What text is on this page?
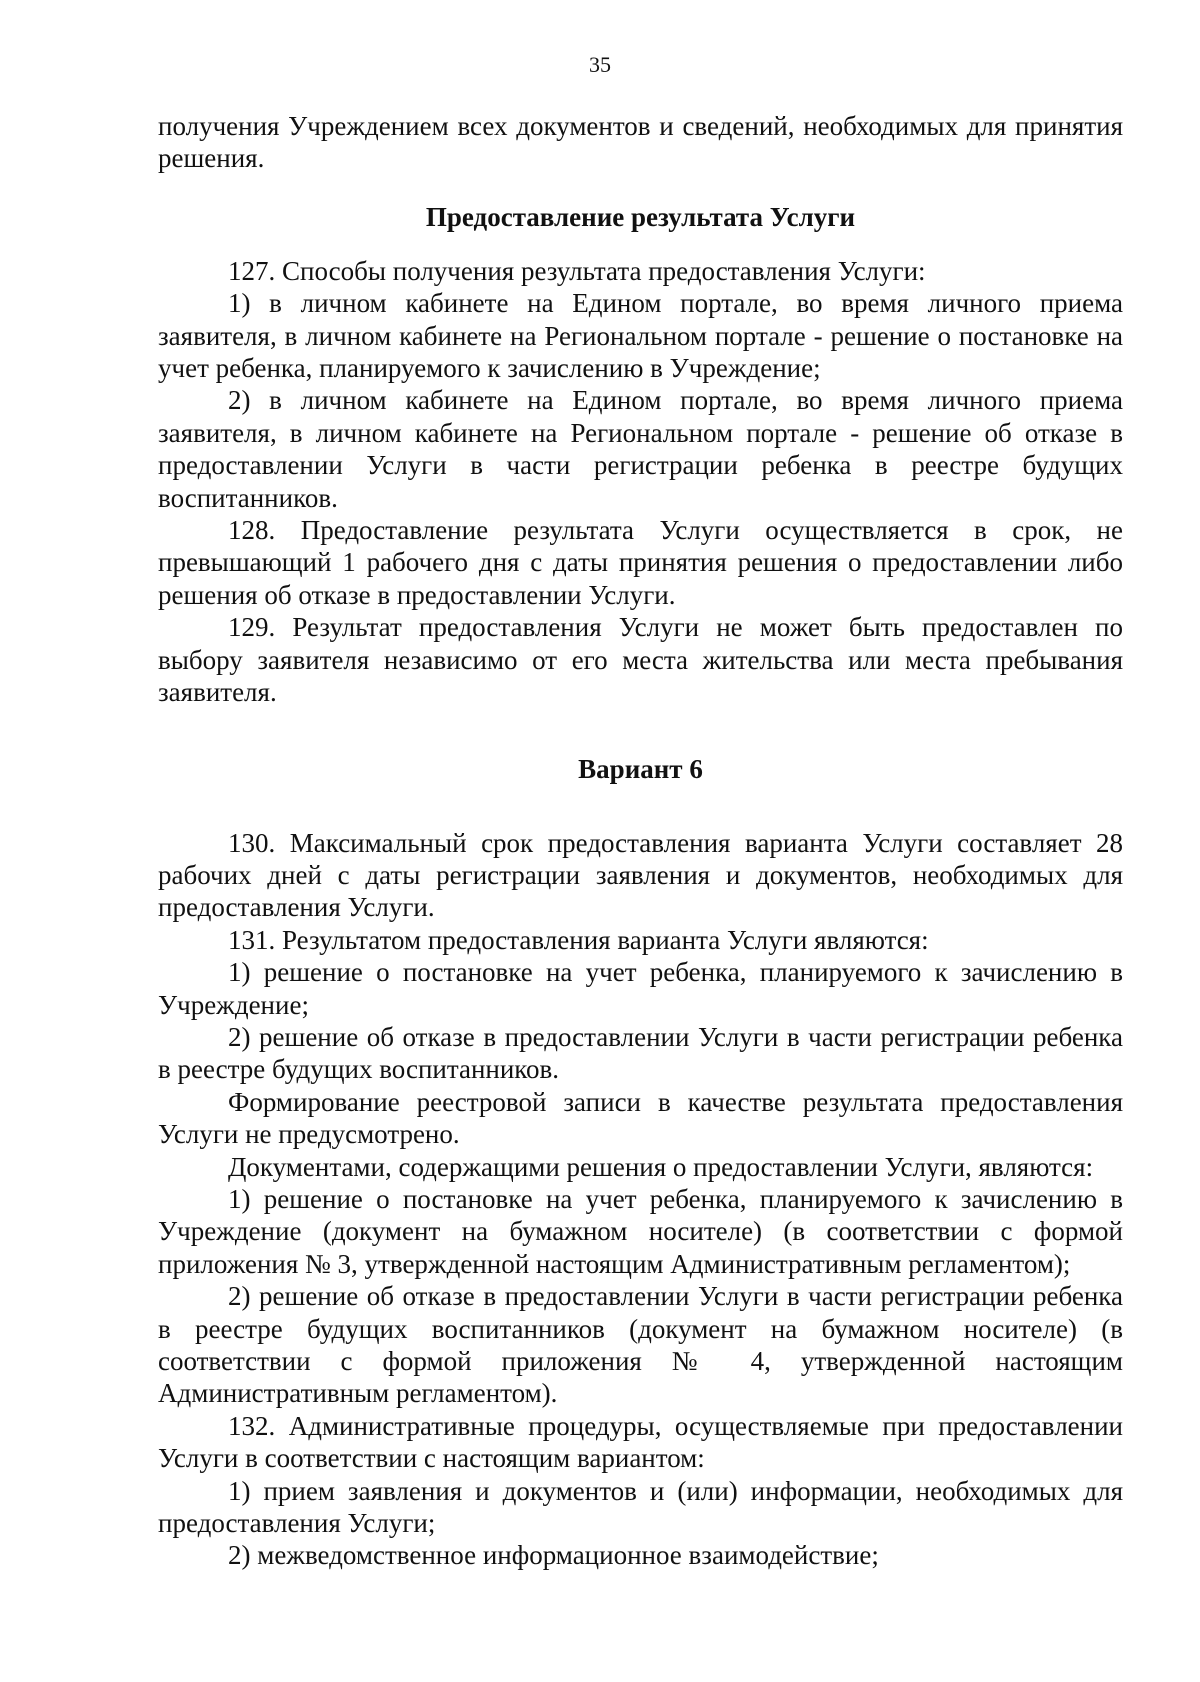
35

получения Учреждением всех документов и сведений, необходимых для принятия решения.

Предоставление результата Услуги

127. Способы получения результата предоставления Услуги:

1) в личном кабинете на Едином портале, во время личного приема заявителя, в личном кабинете на Региональном портале - решение о постановке на учет ребенка, планируемого к зачислению в Учреждение;

2) в личном кабинете на Едином портале, во время личного приема заявителя, в личном кабинете на Региональном портале - решение об отказе в предоставлении Услуги в части регистрации ребенка в реестре будущих воспитанников.

128. Предоставление результата Услуги осуществляется в срок, не превышающий 1 рабочего дня с даты принятия решения о предоставлении либо решения об отказе в предоставлении Услуги.

129. Результат предоставления Услуги не может быть предоставлен по выбору заявителя независимо от его места жительства или места пребывания заявителя.

Вариант 6

130. Максимальный срок предоставления варианта Услуги составляет 28 рабочих дней с даты регистрации заявления и документов, необходимых для предоставления Услуги.

131. Результатом предоставления варианта Услуги являются:

1) решение о постановке на учет ребенка, планируемого к зачислению в Учреждение;

2) решение об отказе в предоставлении Услуги в части регистрации ребенка в реестре будущих воспитанников.

Формирование реестровой записи в качестве результата предоставления Услуги не предусмотрено.

Документами, содержащими решения о предоставлении Услуги, являются:

1) решение о постановке на учет ребенка, планируемого к зачислению в Учреждение (документ на бумажном носителе) (в соответствии с формой приложения № 3, утвержденной настоящим Административным регламентом);

2) решение об отказе в предоставлении Услуги в части регистрации ребенка в реестре будущих воспитанников (документ на бумажном носителе) (в соответствии с формой приложения № 4, утвержденной настоящим Административным регламентом).

132. Административные процедуры, осуществляемые при предоставлении Услуги в соответствии с настоящим вариантом:

1) прием заявления и документов и (или) информации, необходимых для предоставления Услуги;

2) межведомственное информационное взаимодействие;
